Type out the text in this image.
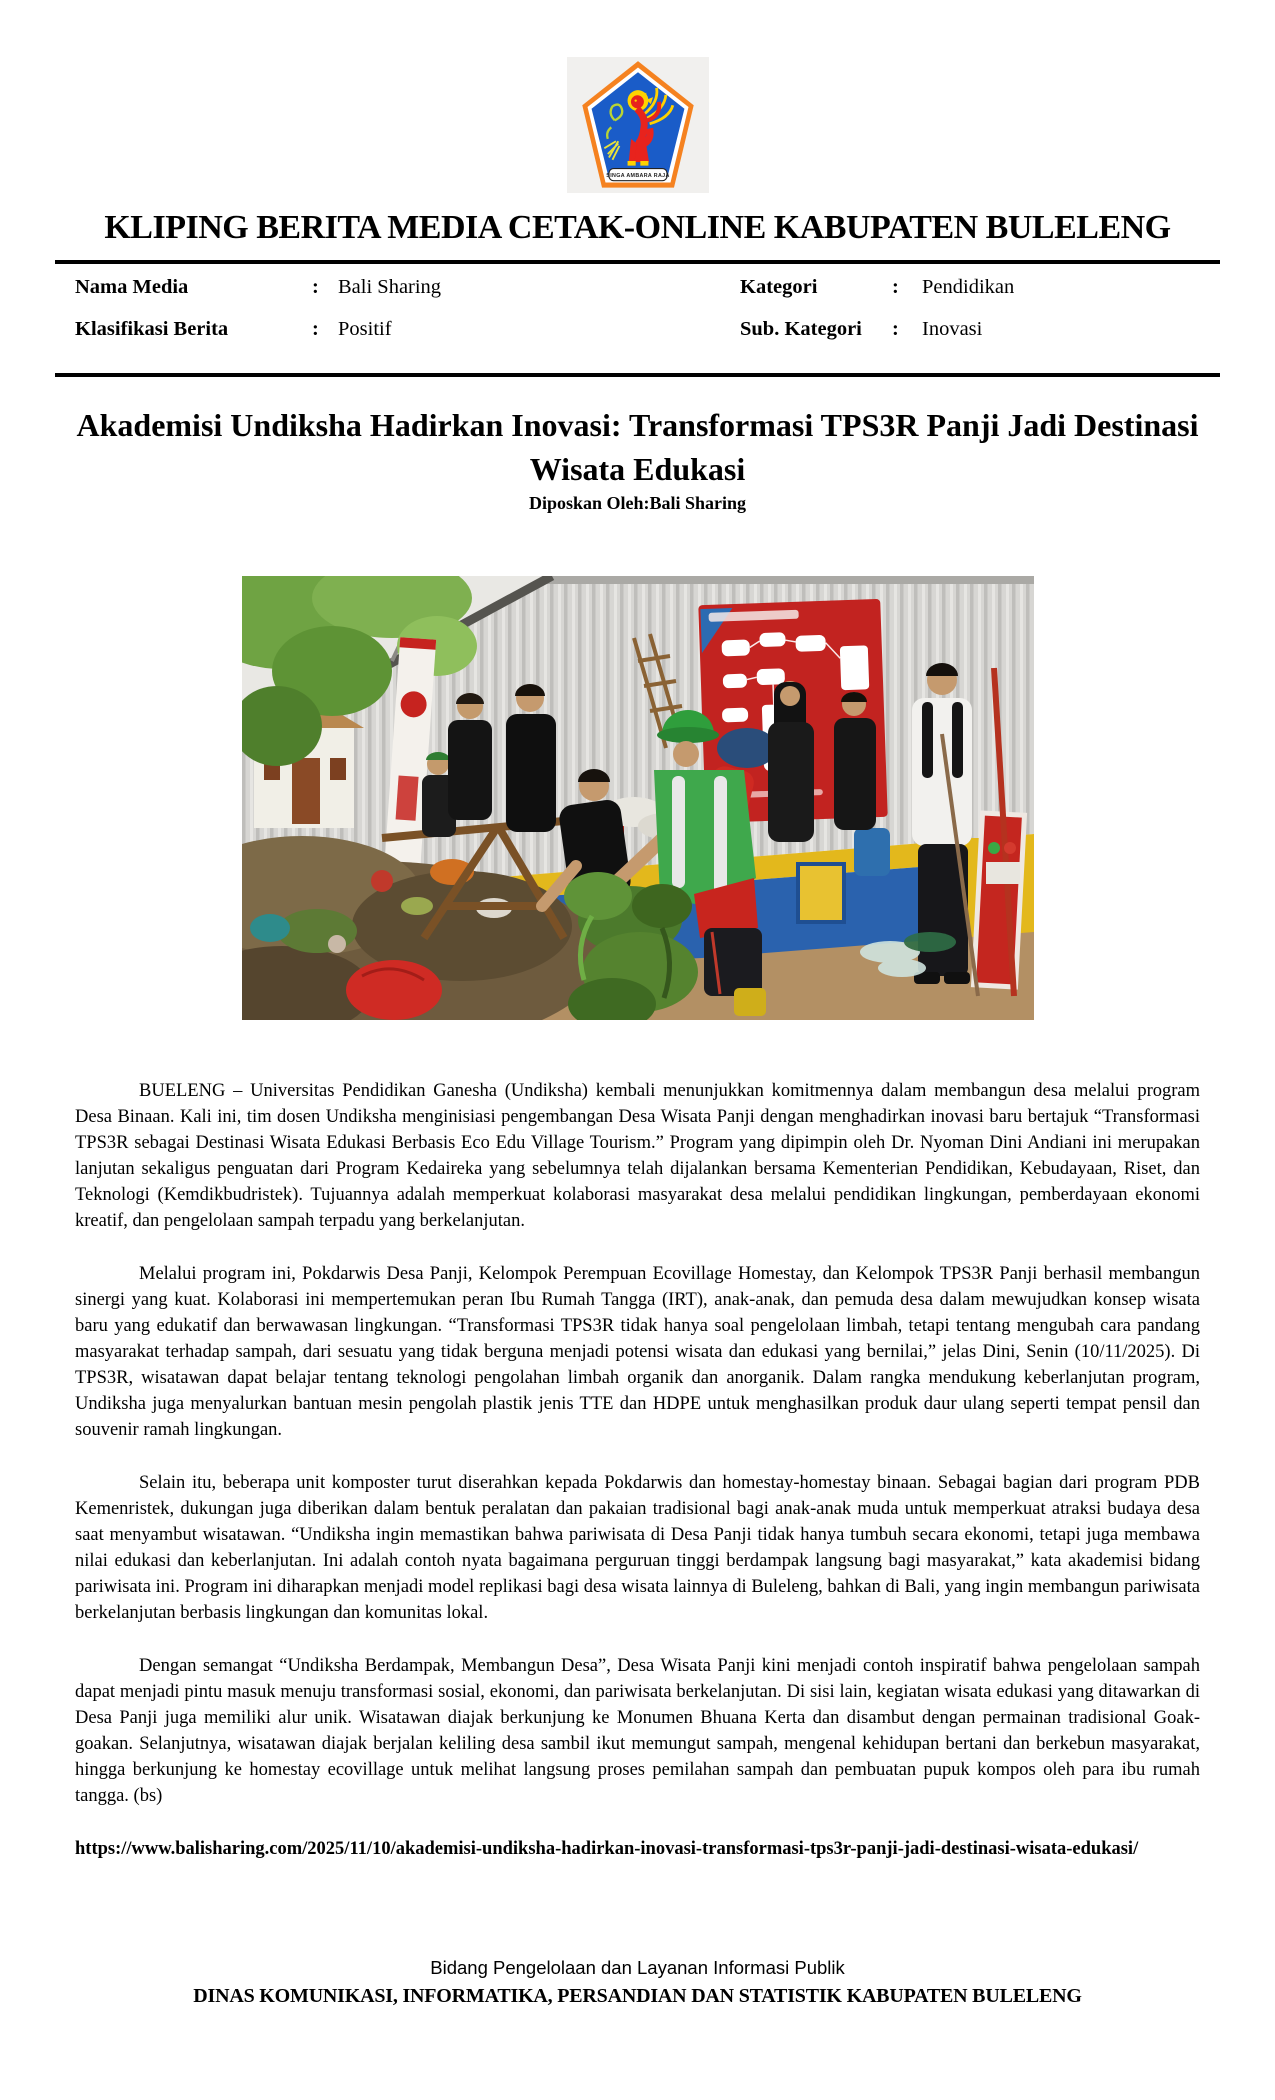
SINGA AMBARA RAJA
KLIPING BERITA MEDIA CETAK-ONLINE KABUPATEN BULELENG
Nama Media	: Bali Sharing	Kategori	:	Pendidikan
Klasifikasi Berita	: Positif	Sub. Kategori	:	Inovasi
Akademisi Undiksha Hadirkan Inovasi: Transformasi TPS3R Panji Jadi Destinasi Wisata Edukasi
Diposkan Oleh:Bali Sharing

BUELENG – Universitas Pendidikan Ganesha (Undiksha) kembali menunjukkan komitmennya dalam membangun desa melalui program Desa Binaan. Kali ini, tim dosen Undiksha menginisiasi pengembangan Desa Wisata Panji dengan menghadirkan inovasi baru bertajuk “Transformasi TPS3R sebagai Destinasi Wisata Edukasi Berbasis Eco Edu Village Tourism.” Program yang dipimpin oleh Dr. Nyoman Dini Andiani ini merupakan lanjutan sekaligus penguatan dari Program Kedaireka yang sebelumnya telah dijalankan bersama Kementerian Pendidikan, Kebudayaan, Riset, dan Teknologi (Kemdikbudristek). Tujuannya adalah memperkuat kolaborasi masyarakat desa melalui pendidikan lingkungan, pemberdayaan ekonomi kreatif, dan pengelolaan sampah terpadu yang berkelanjutan.

Melalui program ini, Pokdarwis Desa Panji, Kelompok Perempuan Ecovillage Homestay, dan Kelompok TPS3R Panji berhasil membangun sinergi yang kuat. Kolaborasi ini mempertemukan peran Ibu Rumah Tangga (IRT), anak-anak, dan pemuda desa dalam mewujudkan konsep wisata baru yang edukatif dan berwawasan lingkungan. “Transformasi TPS3R tidak hanya soal pengelolaan limbah, tetapi tentang mengubah cara pandang masyarakat terhadap sampah, dari sesuatu yang tidak berguna menjadi potensi wisata dan edukasi yang bernilai,” jelas Dini, Senin (10/11/2025). Di TPS3R, wisatawan dapat belajar tentang teknologi pengolahan limbah organik dan anorganik. Dalam rangka mendukung keberlanjutan program, Undiksha juga menyalurkan bantuan mesin pengolah plastik jenis TTE dan HDPE untuk menghasilkan produk daur ulang seperti tempat pensil dan souvenir ramah lingkungan.

Selain itu, beberapa unit komposter turut diserahkan kepada Pokdarwis dan homestay-homestay binaan. Sebagai bagian dari program PDB Kemenristek, dukungan juga diberikan dalam bentuk peralatan dan pakaian tradisional bagi anak-anak muda untuk memperkuat atraksi budaya desa saat menyambut wisatawan. “Undiksha ingin memastikan bahwa pariwisata di Desa Panji tidak hanya tumbuh secara ekonomi, tetapi juga membawa nilai edukasi dan keberlanjutan. Ini adalah contoh nyata bagaimana perguruan tinggi berdampak langsung bagi masyarakat,” kata akademisi bidang pariwisata ini. Program ini diharapkan menjadi model replikasi bagi desa wisata lainnya di Buleleng, bahkan di Bali, yang ingin membangun pariwisata berkelanjutan berbasis lingkungan dan komunitas lokal.

Dengan semangat “Undiksha Berdampak, Membangun Desa”, Desa Wisata Panji kini menjadi contoh inspiratif bahwa pengelolaan sampah dapat menjadi pintu masuk menuju transformasi sosial, ekonomi, dan pariwisata berkelanjutan. Di sisi lain, kegiatan wisata edukasi yang ditawarkan di Desa Panji juga memiliki alur unik. Wisatawan diajak berkunjung ke Monumen Bhuana Kerta dan disambut dengan permainan tradisional Goak-goakan. Selanjutnya, wisatawan diajak berjalan keliling desa sambil ikut memungut sampah, mengenal kehidupan bertani dan berkebun masyarakat, hingga berkunjung ke homestay ecovillage untuk melihat langsung proses pemilahan sampah dan pembuatan pupuk kompos oleh para ibu rumah tangga. (bs)

https://www.balisharing.com/2025/11/10/akademisi-undiksha-hadirkan-inovasi-transformasi-tps3r-panji-jadi-destinasi-wisata-edukasi/
Bidang Pengelolaan dan Layanan Informasi Publik
DINAS KOMUNIKASI, INFORMATIKA, PERSANDIAN DAN STATISTIK KABUPATEN BULELENG
